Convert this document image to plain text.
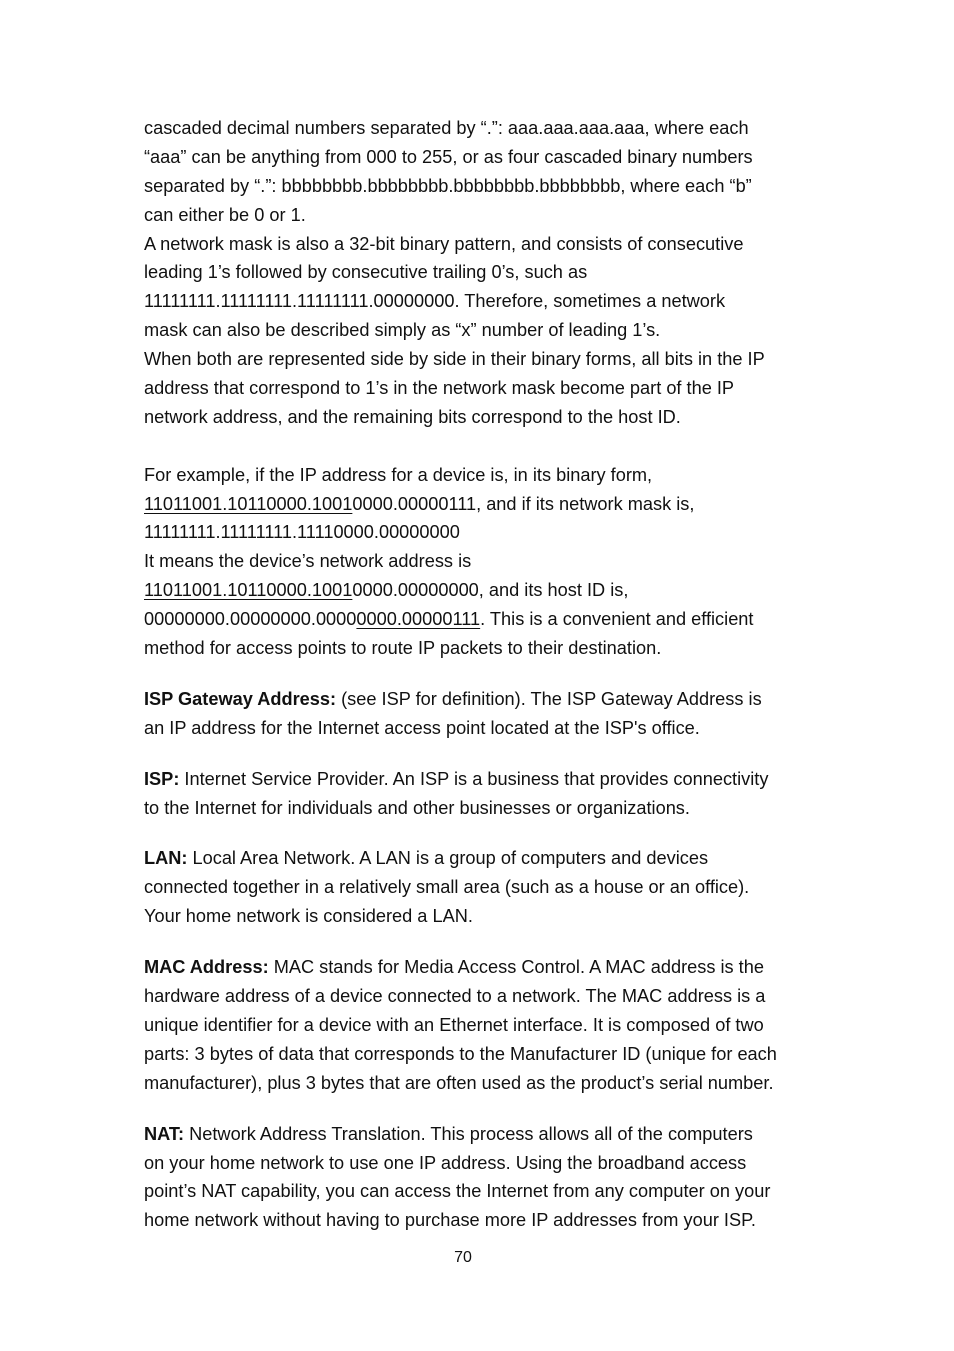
cascaded decimal numbers separated by “.”: aaa.aaa.aaa.aaa, where each
“aaa” can be anything from 000 to 255, or as four cascaded binary numbers
separated by “.”: bbbbbbbb.bbbbbbbb.bbbbbbbb.bbbbbbbb, where each “b”
can either be 0 or 1.

A network mask is also a 32-bit binary pattern, and consists of consecutive
leading 1’s followed by consecutive trailing 0’s, such as
11111111.11111111.11111111.00000000. Therefore, sometimes a network
mask can also be described simply as “x” number of leading 1’s.

When both are represented side by side in their binary forms, all bits in the IP
address that correspond to 1’s in the network mask become part of the IP
network address, and the remaining bits correspond to the host ID.

For example, if the IP address for a device is, in its binary form,
11011001.10110000.10010000.00000111, and if its network mask is,
11111111.11111111.11110000.00000000
It means the device’s network address is
11011001.10110000.10010000.00000000, and its host ID is,
00000000.00000000.00000000.00000111. This is a convenient and efficient
method for access points to route IP packets to their destination.

ISP Gateway Address: (see ISP for definition). The ISP Gateway Address is
an IP address for the Internet access point located at the ISP's office.

ISP: Internet Service Provider. An ISP is a business that provides connectivity
to the Internet for individuals and other businesses or organizations.

LAN: Local Area Network. A LAN is a group of computers and devices
connected together in a relatively small area (such as a house or an office).
Your home network is considered a LAN.

MAC Address: MAC stands for Media Access Control. A MAC address is the
hardware address of a device connected to a network. The MAC address is a
unique identifier for a device with an Ethernet interface. It is composed of two
parts: 3 bytes of data that corresponds to the Manufacturer ID (unique for each
manufacturer), plus 3 bytes that are often used as the product’s serial number.

NAT: Network Address Translation. This process allows all of the computers
on your home network to use one IP address. Using the broadband access
point’s NAT capability, you can access the Internet from any computer on your
home network without having to purchase more IP addresses from your ISP.

70
